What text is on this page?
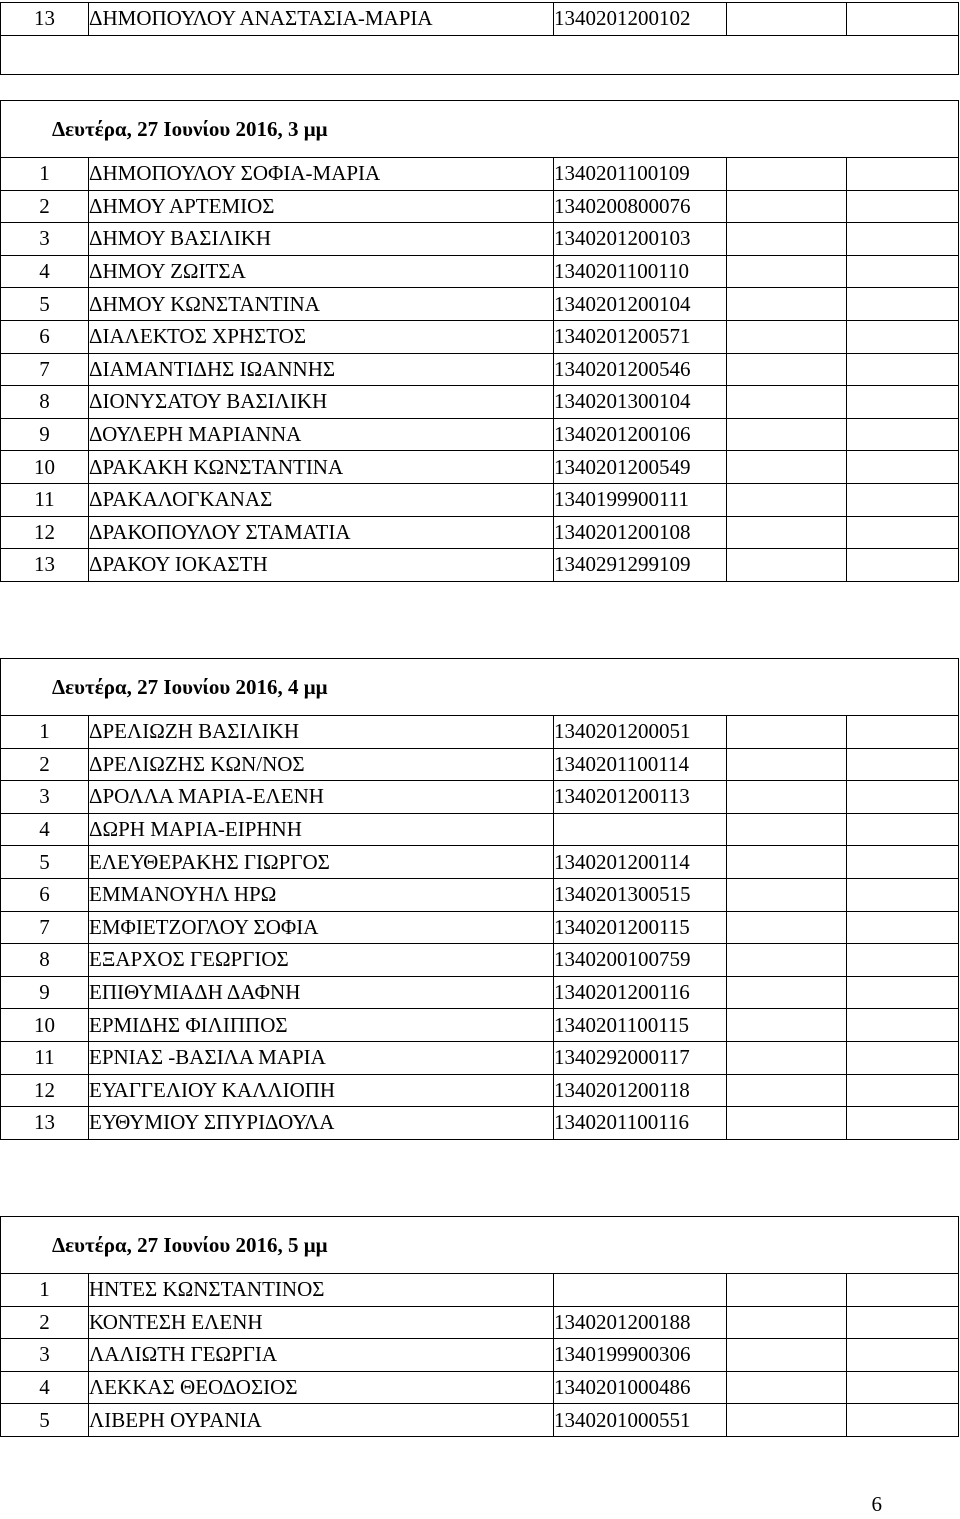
13	ΔΗΜΟΠΟΥΛΟΥ ΑΝΑΣΤΑΣΙΑ-ΜΑΡΙΑ	1340201200102		

Δευτέρα, 27 Ιουνίου 2016, 3 μμ				
1	ΔΗΜΟΠΟΥΛΟΥ ΣΟΦΙΑ-ΜΑΡΙΑ	1340201100109		
2	ΔΗΜΟΥ ΑΡΤΕΜΙΟΣ	1340200800076		
3	ΔΗΜΟΥ ΒΑΣΙΛΙΚΗ	1340201200103		
4	ΔΗΜΟΥ ΖΩΙΤΣΑ	1340201100110		
5	ΔΗΜΟΥ ΚΩΝΣΤΑΝΤΙΝΑ	1340201200104		
6	ΔΙΑΛΕΚΤΟΣ ΧΡΗΣΤΟΣ	1340201200571		
7	ΔΙΑΜΑΝΤΙΔΗΣ ΙΩΑΝΝΗΣ	1340201200546		
8	ΔΙΟΝΥΣΑΤΟΥ ΒΑΣΙΛΙΚΗ	1340201300104		
9	ΔΟΥΛΕΡΗ ΜΑΡΙΑΝΝΑ	1340201200106		
10	ΔΡΑΚΑΚΗ ΚΩΝΣΤΑΝΤΙΝΑ	1340201200549		
11	ΔΡΑΚΑΛΟΓΚΑΝΑΣ	1340199900111		
12	ΔΡΑΚΟΠΟΥΛΟΥ ΣΤΑΜΑΤΙΑ	1340201200108		
13	ΔΡΑΚΟΥ ΙΟΚΑΣΤΗ	1340291299109		
Δευτέρα, 27 Ιουνίου 2016, 4 μμ				
1	ΔΡΕΛΙΩΖΗ ΒΑΣΙΛΙΚΗ	1340201200051		
2	ΔΡΕΛΙΩΖΗΣ ΚΩΝ/ΝΟΣ	1340201100114		
3	ΔΡΟΛΛΑ ΜΑΡΙΑ-ΕΛΕΝΗ	1340201200113		
4	ΔΩΡΗ ΜΑΡΙΑ-ΕΙΡΗΝΗ			
5	ΕΛΕΥΘΕΡΑΚΗΣ ΓΙΩΡΓΟΣ	1340201200114		
6	ΕΜΜΑΝΟΥΗΛ ΗΡΩ	1340201300515		
7	ΕΜΦΙΕΤΖΟΓΛΟΥ ΣΟΦΙΑ	1340201200115		
8	ΕΞΑΡΧΟΣ ΓΕΩΡΓΙΟΣ	1340200100759		
9	ΕΠΙΘΥΜΙΑΔΗ ΔΑΦΝΗ	1340201200116		
10	ΕΡΜΙΔΗΣ ΦΙΛΙΠΠΟΣ	1340201100115		
11	ΕΡΝΙΑΣ -ΒΑΣΙΛΑ ΜΑΡΙΑ	1340292000117		
12	ΕΥΑΓΓΕΛΙΟΥ ΚΑΛΛΙΟΠΗ	1340201200118		
13	ΕΥΘΥΜΙΟΥ ΣΠΥΡΙΔΟΥΛΑ	1340201100116		
Δευτέρα, 27 Ιουνίου 2016, 5 μμ				
1	ΗΝΤΕΣ ΚΩΝΣΤΑΝΤΙΝΟΣ			
2	ΚΟΝΤΕΣΗ ΕΛΕΝΗ	1340201200188		
3	ΛΑΛΙΩΤΗ ΓΕΩΡΓΙΑ	1340199900306		
4	ΛΕΚΚΑΣ ΘΕΟΔΟΣΙΟΣ	1340201000486		
5	ΛΙΒΕΡΗ ΟΥΡΑΝΙΑ	1340201000551		
6
